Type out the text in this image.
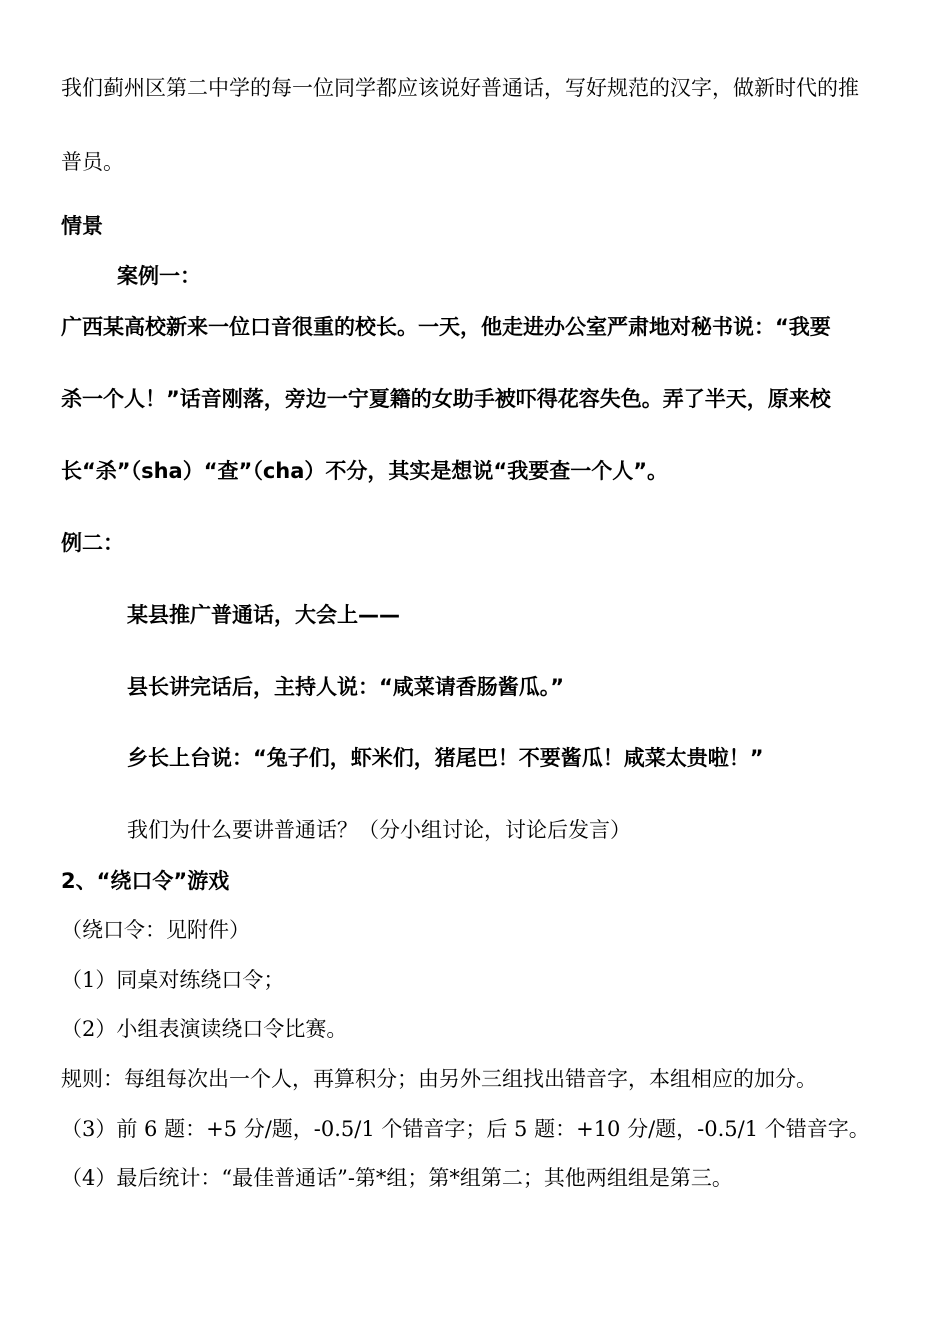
我们蓟州区第二中学的每一位同学都应该说好普通话，写好规范的汉字，做新时代的推
普员。
情景
案例一：
广西某高校新来一位口音很重的校长。一天，他走进办公室严肃地对秘书说：“我要
杀一个人！”话音刚落，旁边一宁夏籍的女助手被吓得花容失色。弄了半天，原来校
长“杀”（sha）“查”（cha）不分，其实是想说“我要查一个人”。
例二：
某县推广普通话，大会上——
县长讲完话后，主持人说：“咸菜请香肠酱瓜。”
乡长上台说：“兔子们，虾米们，猪尾巴！不要酱瓜！咸菜太贵啦！”
我们为什么要讲普通话？（分小组讨论，讨论后发言）
2、“绕口令”游戏
（绕口令：见附件）
（1）同桌对练绕口令；
（2）小组表演读绕口令比赛。
规则：每组每次出一个人，再算积分；由另外三组找出错音字，本组相应的加分。
（3）前 6 题：+5 分/题，-0.5/1 个错音字；后 5 题：+10 分/题，-0.5/1 个错音字。
（4）最后统计：“最佳普通话”-第*组；第*组第二；其他两组组是第三。
